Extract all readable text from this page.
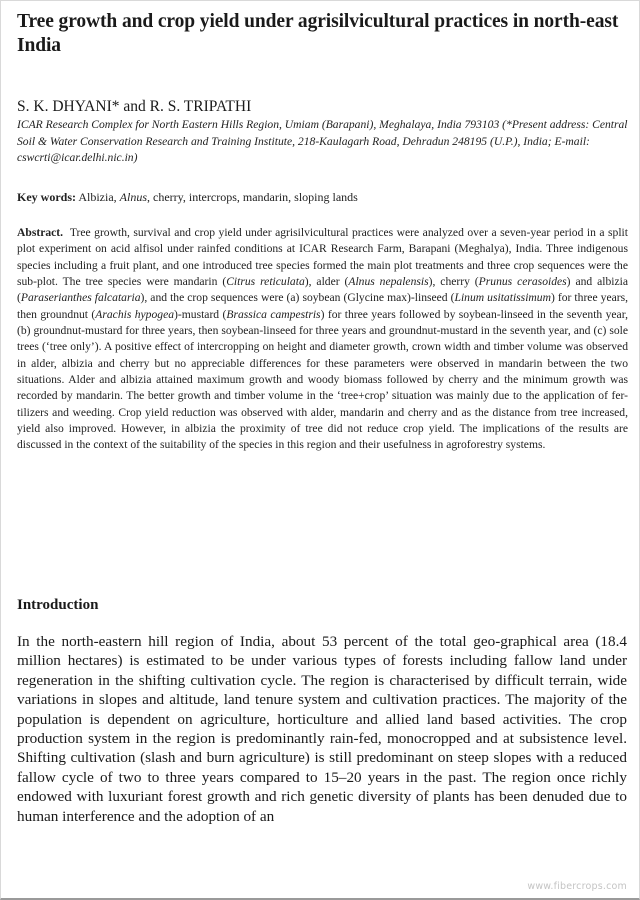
Tree growth and crop yield under agrisilvicultural practices in north-east India
S. K. DHYANI* and R. S. TRIPATHI
ICAR Research Complex for North Eastern Hills Region, Umiam (Barapani), Meghalaya, India 793103 (*Present address: Central Soil & Water Conservation Research and Training Institute, 218-Kaulagarh Road, Dehradun 248195 (U.P.), India; E-mail: cswcrti@icar.delhi.nic.in)
Key words: Albizia, Alnus, cherry, intercrops, mandarin, sloping lands
Abstract. Tree growth, survival and crop yield under agrisilvicultural practices were analyzed over a seven-year period in a split plot experiment on acid alfisol under rainfed conditions at ICAR Research Farm, Barapani (Meghalya), India. Three indigenous species including a fruit plant, and one introduced tree species formed the main plot treatments and three crop sequences were the sub-plot. The tree species were mandarin (Citrus reticulata), alder (Alnus nepalensis), cherry (Prunus cerasoides) and albizia (Paraserianthes falcataria), and the crop sequences were (a) soybean (Glycine max)-linseed (Linum usitatissimum) for three years, then groundnut (Arachis hypogea)-mustard (Brassica campestris) for three years followed by soybean-linseed in the seventh year, (b) groundnut-mustard for three years, then soybean-linseed for three years and groundnut-mustard in the seventh year, and (c) sole trees (‘tree only’). A positive effect of intercropping on height and diameter growth, crown width and timber volume was observed in alder, albizia and cherry but no appreciable differences for these parameters were observed in mandarin between the two situations. Alder and albizia attained maximum growth and woody biomass followed by cherry and the minimum growth was recorded by mandarin. The better growth and timber volume in the ‘tree+crop’ situation was mainly due to the application of fer-tilizers and weeding. Crop yield reduction was observed with alder, mandarin and cherry and as the distance from tree increased, yield also improved. However, in albizia the proximity of tree did not reduce crop yield. The implications of the results are discussed in the context of the suitability of the species in this region and their usefulness in agroforestry systems.
Introduction
In the north-eastern hill region of India, about 53 percent of the total geo-graphical area (18.4 million hectares) is estimated to be under various types of forests including fallow land under regeneration in the shifting cultivation cycle. The region is characterised by difficult terrain, wide variations in slopes and altitude, land tenure system and cultivation practices. The majority of the population is dependent on agriculture, horticulture and allied land based activities. The crop production system in the region is predominantly rain-fed, monocropped and at subsistence level. Shifting cultivation (slash and burn agriculture) is still predominant on steep slopes with a reduced fallow cycle of two to three years compared to 15–20 years in the past. The region once richly endowed with luxuriant forest growth and rich genetic diversity of plants has been denuded due to human interference and the adoption of an
www.fibercrops.com
